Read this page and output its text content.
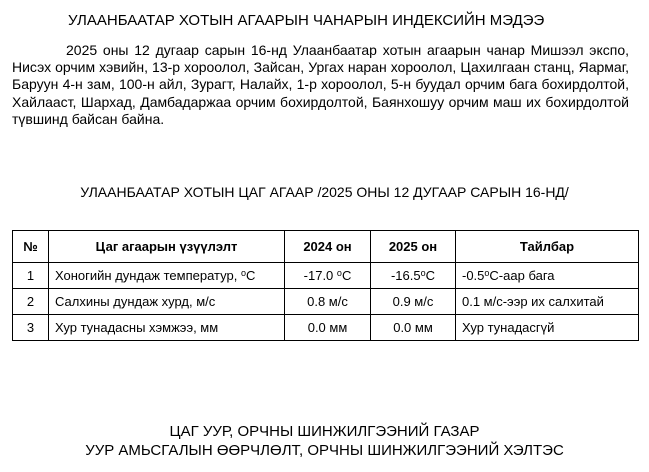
УЛААНБААТАР ХОТЫН АГААРЫН ЧАНАРЫН ИНДЕКСИЙН МЭДЭЭ

2025 оны 12 дугаар сарын 16-нд Улаанбаатар хотын агаарын чанар Мишээл экспо, Нисэх орчим хэвийн, 13-р хороолол, Зайсан, Ургах наран хороолол, Цахилгаан станц, Яармаг, Баруун 4-н зам, 100-н айл, Зурагт, Налайх, 1-р хороолол, 5-н буудал орчим бага бохирдолтой, Хайлааст, Шархад, Дамбадаржаа орчим бохирдолтой, Баянхошуу орчим маш их бохирдолтой түвшинд байсан байна.

УЛААНБААТАР ХОТЫН ЦАГ АГААР /2025 ОНЫ 12 ДУГААР САРЫН 16-НД/
№	Цаг агаарын үзүүлэлт	2024 он	2025 он	Тайлбар
1	Хоногийн дундаж температур, $^о$С	-17.0 $^о$С	$-16.5^оС$	$-0.5^оС$-аар бага
2	Салхины дундаж хурд, м/с	0.8 м/с	0.9 м/с	0.1 м/с-ээр их салхитай
3	Хур тунадасны хэмжээ, мм	0.0 мм	0.0 мм	Хур тунадасгүй
ЦАГ УУР, ОРЧНЫ ШИНЖИЛГЭЭНИЙ ГАЗАР
УУР АМЬСГАЛЫН ӨӨРЧЛӨЛТ, ОРЧНЫ ШИНЖИЛГЭЭНИЙ ХЭЛТЭС
